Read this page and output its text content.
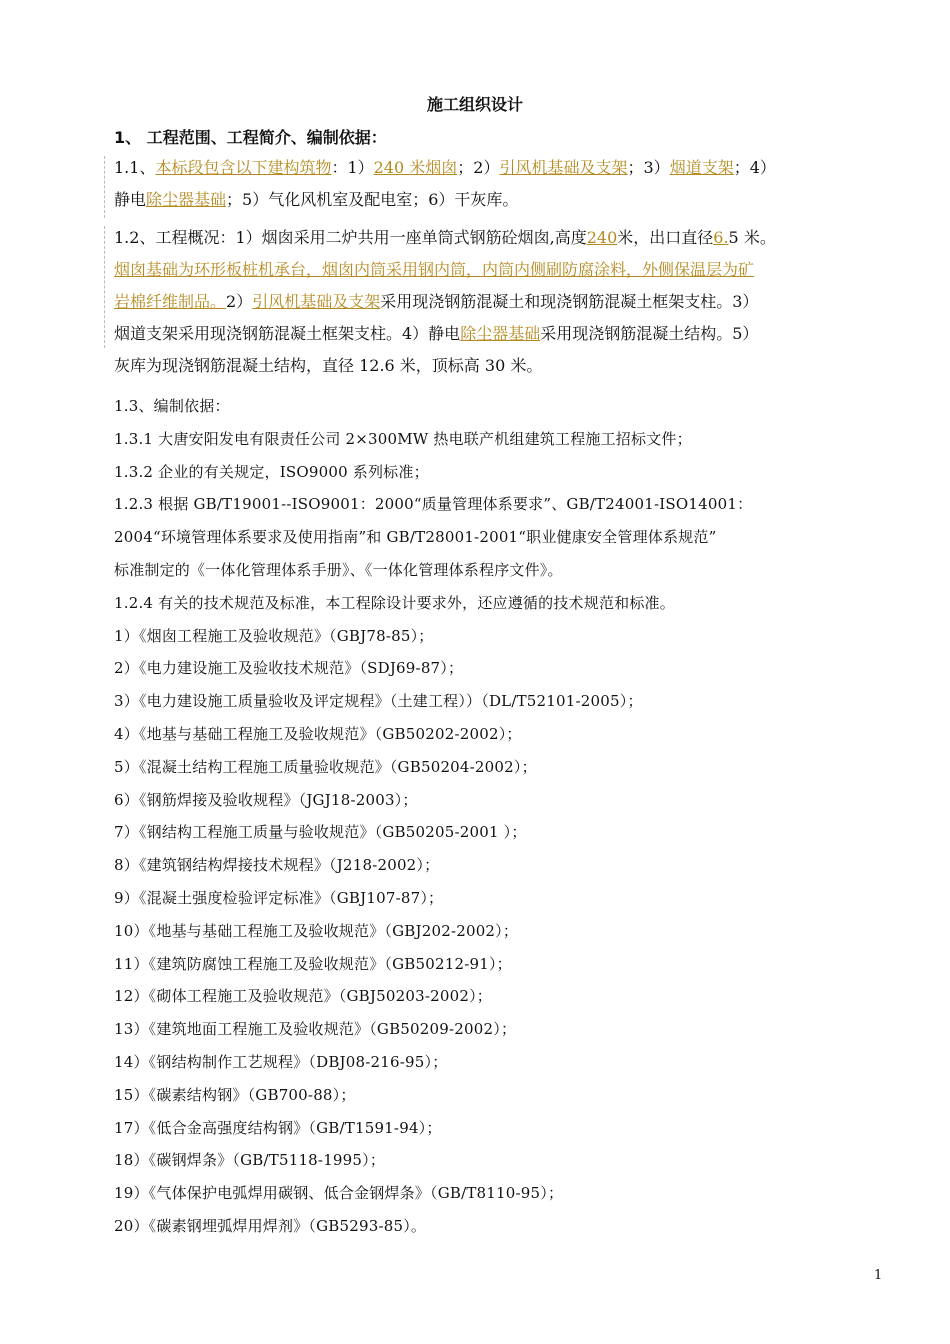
施工组织设计
1、 工程范围、工程简介、编制依据：
1.1、本标段包含以下建构筑物：1）240 米烟囱；2）引风机基础及支架；3）烟道支架；4）
静电除尘器基础；5）气化风机室及配电室；6）干灰库。
1.2、工程概况：1）烟囱采用二炉共用一座单筒式钢筋砼烟囱,高度240米，出口直径6.5 米。
烟囱基础为环形板桩机承台，烟囱内筒采用钢内筒，内筒内侧刷防腐涂料，外侧保温层为矿
岩棉纤维制品。2）引风机基础及支架采用现浇钢筋混凝土和现浇钢筋混凝土框架支柱。3）
烟道支架采用现浇钢筋混凝土框架支柱。4）静电除尘器基础采用现浇钢筋混凝土结构。5）
灰库为现浇钢筋混凝土结构，直径 12.6 米，顶标高 30 米。
1.3、编制依据：
1.3.1 大唐安阳发电有限责任公司 2×300MW 热电联产机组建筑工程施工招标文件；
1.3.2 企业的有关规定，ISO9000 系列标准；
1.2.3 根据 GB/T19001--ISO9001：2000“质量管理体系要求”、GB/T24001-ISO14001：
2004“环境管理体系要求及使用指南”和 GB/T28001-2001“职业健康安全管理体系规范”
标准制定的《一体化管理体系手册》、《一体化管理体系程序文件》。
1.2.4 有关的技术规范及标准，本工程除设计要求外，还应遵循的技术规范和标准。
1）《烟囱工程施工及验收规范》（GBJ78-85）；
2）《电力建设施工及验收技术规范》（SDJ69-87）；
3）《电力建设施工质量验收及评定规程》（土建工程））（DL/T52101-2005）；
4）《地基与基础工程施工及验收规范》（GB50202-2002）；
5）《混凝土结构工程施工质量验收规范》（GB50204-2002）；
6）《钢筋焊接及验收规程》（JGJ18-2003）；
7）《钢结构工程施工质量与验收规范》（GB50205-2001 ）；
8）《建筑钢结构焊接技术规程》（J218-2002）；
9）《混凝土强度检验评定标准》（GBJ107-87）；
10）《地基与基础工程施工及验收规范》（GBJ202-2002）；
11）《建筑防腐蚀工程施工及验收规范》（GB50212-91）；
12）《砌体工程施工及验收规范》（GBJ50203-2002）；
13）《建筑地面工程施工及验收规范》（GB50209-2002）；
14）《钢结构制作工艺规程》（DBJ08-216-95）；
15）《碳素结构钢》（GB700-88）；
17）《低合金高强度结构钢》（GB/T1591-94）；
18）《碳钢焊条》（GB/T5118-1995）；
19）《气体保护电弧焊用碳钢、低合金钢焊条》（GB/T8110-95）；
20）《碳素钢埋弧焊用焊剂》（GB5293-85）。
1
